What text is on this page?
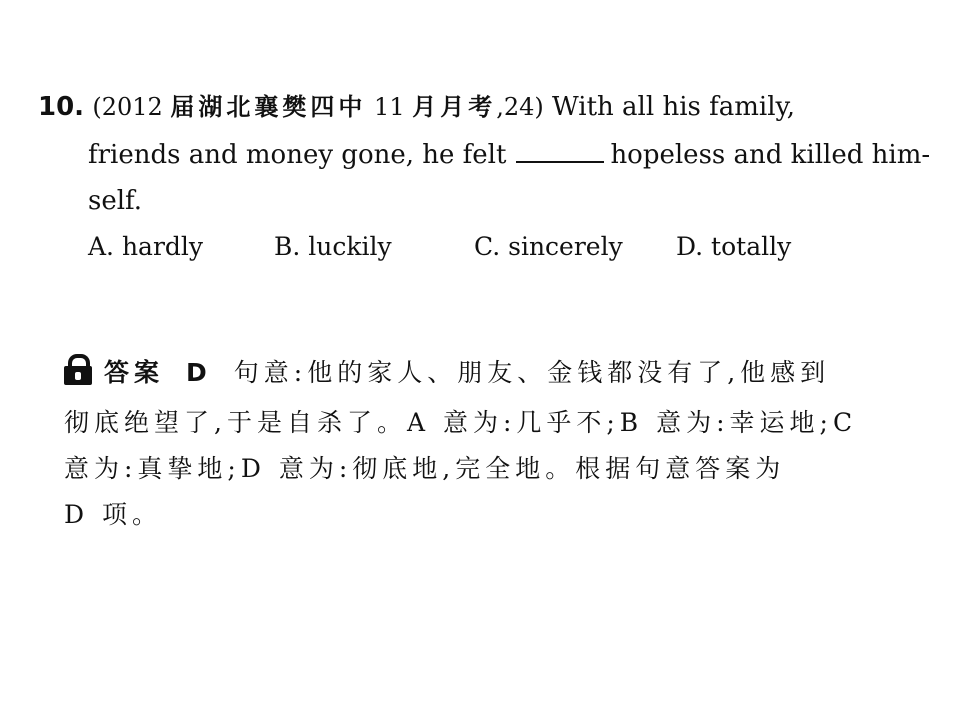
10. (2012 届湖北襄樊四中 11 月月考,24) With all his family,
friends and money gone, he felt	hopeless and killed him-
self.
A. hardly	B. luckily	C. sincerely D. totally
答案 D 句意:他的家人、朋友、金钱都没有了,他感到
彻底绝望了,于是自杀了。A 意为:几乎不;B 意为:幸运地;C
意为:真挚地;D 意为:彻底地,完全地。根据句意答案为
D 项。
